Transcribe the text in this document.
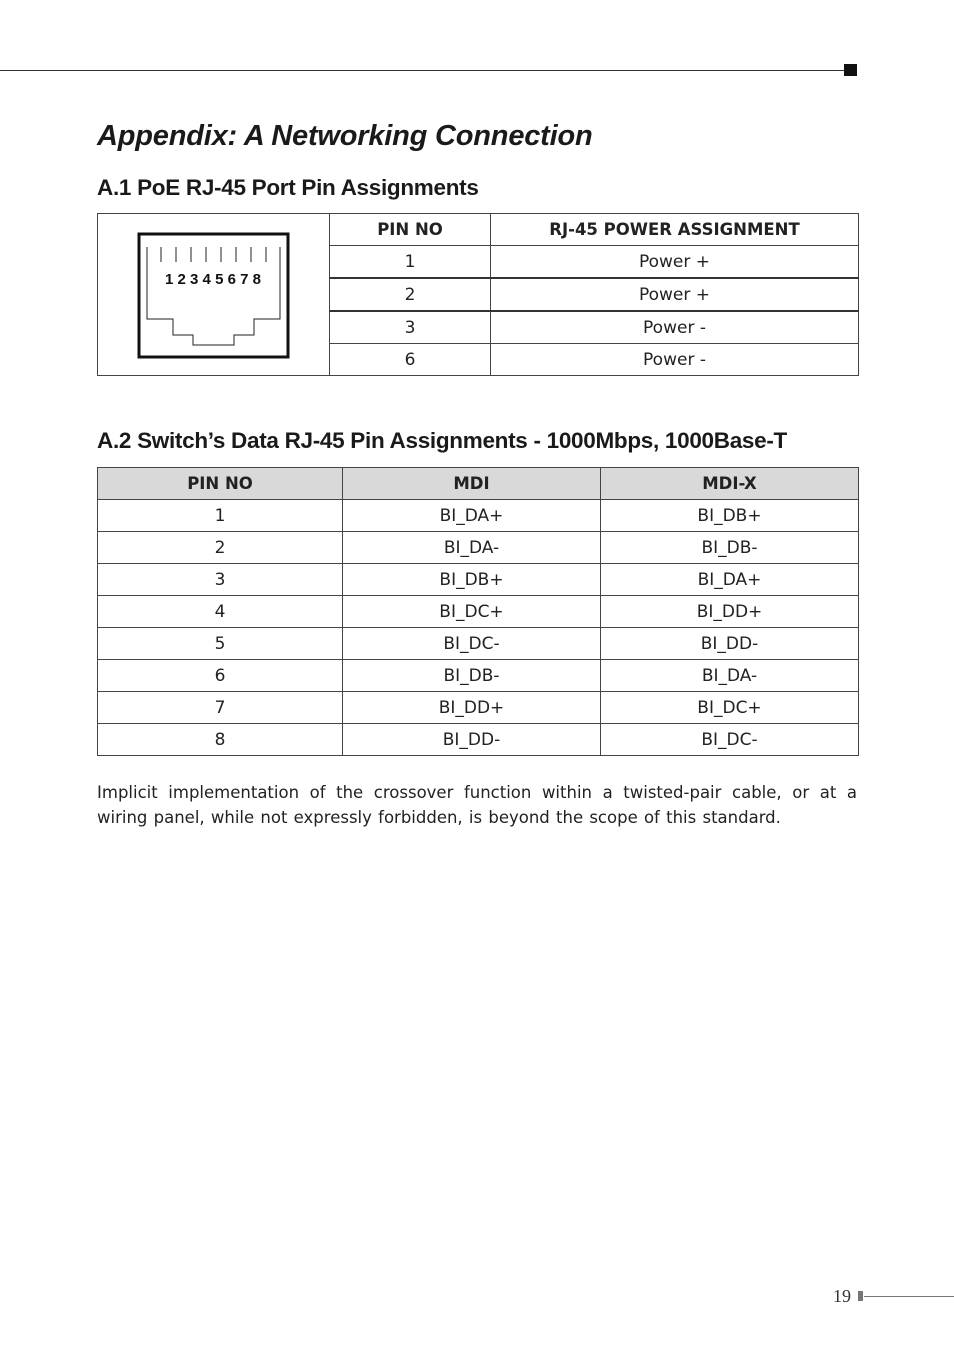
Appendix: A Networking Connection
A.1 PoE RJ-45 Port Pin Assignments
1 2 3 4 5 6 7 8	PIN NO	RJ-45 POWER ASSIGNMENT
	1	Power +
	2	Power +
	3	Power -
	6	Power -
A.2 Switch’s Data RJ-45 Pin Assignments - 1000Mbps, 1000Base-T
PIN NO	MDI	MDI-X
1	BI_DA+	BI_DB+
2	BI_DA-	BI_DB-
3	BI_DB+	BI_DA+
4	BI_DC+	BI_DD+
5	BI_DC-	BI_DD-
6	BI_DB-	BI_DA-
7	BI_DD+	BI_DC+
8	BI_DD-	BI_DC-

Implicit implementation of the crossover function within a twisted-pair cable, or at a wiring panel, while not expressly forbidden, is beyond the scope of this standard.

19
